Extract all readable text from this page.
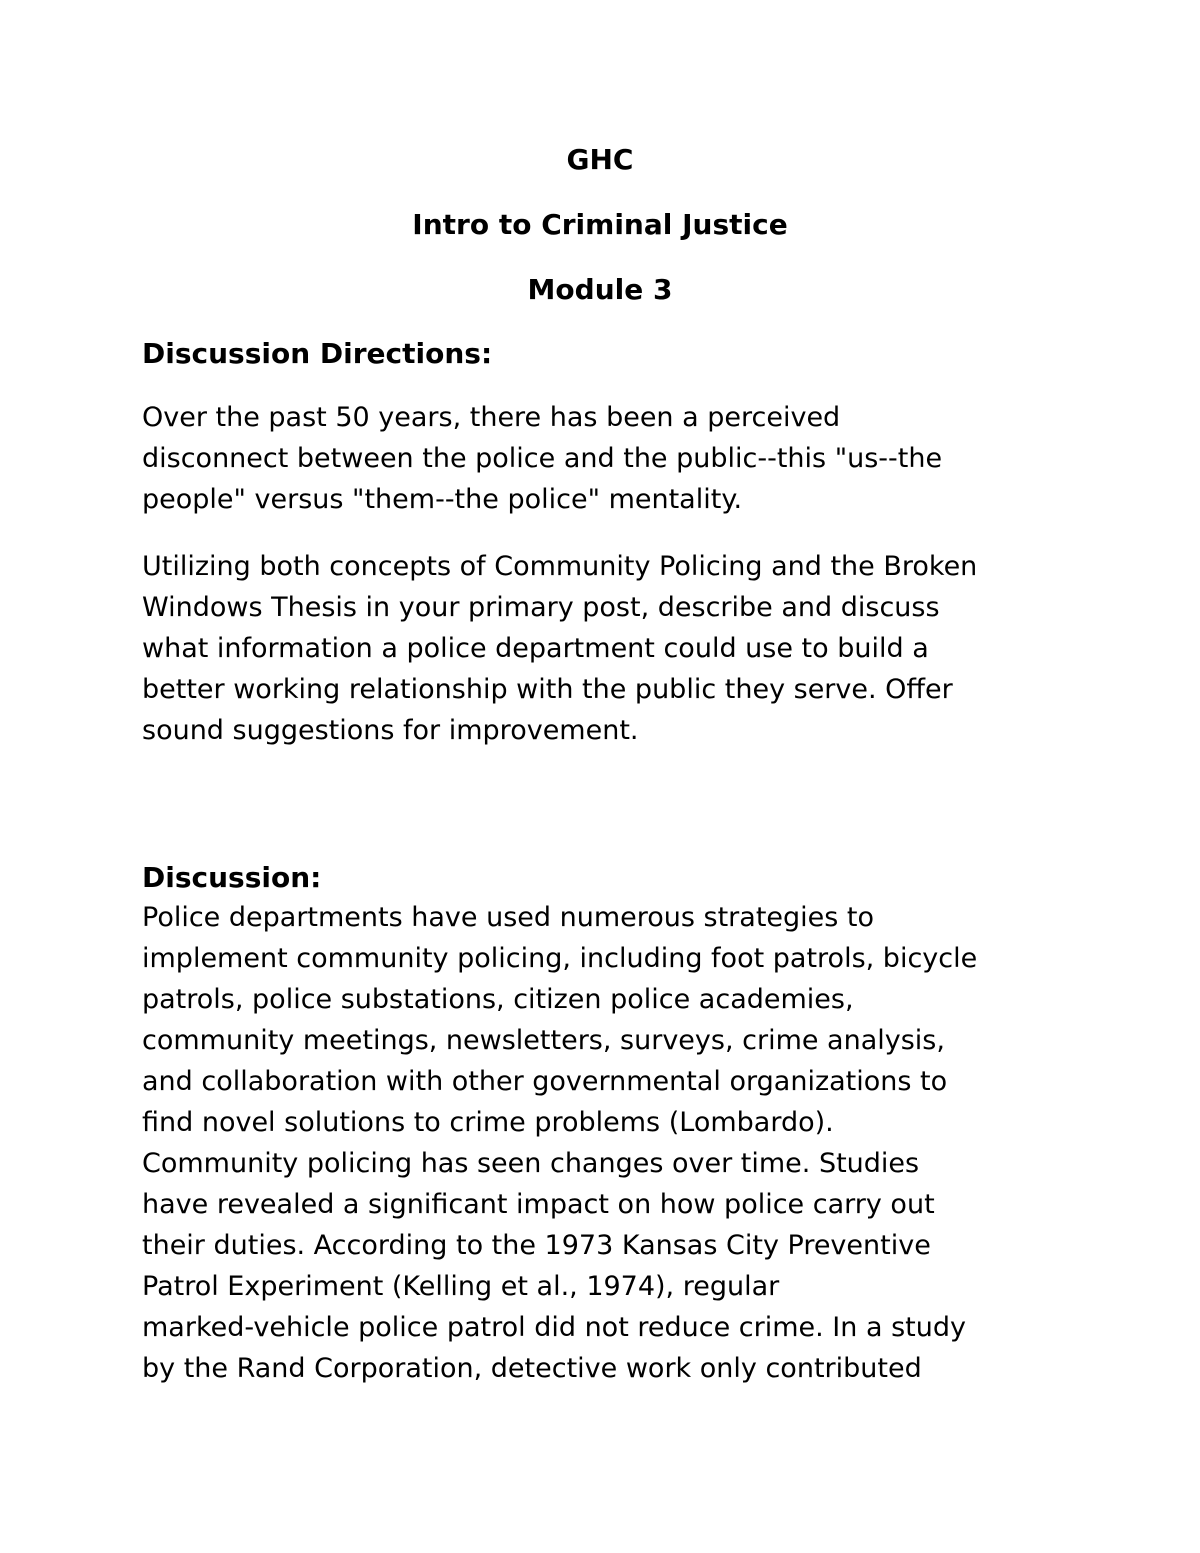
GHC
Intro to Criminal Justice
Module 3
Discussion Directions:
Over the past 50 years, there has been a perceived
disconnect between the police and the public--this "us--the
people" versus "them--the police" mentality.
Utilizing both concepts of Community Policing and the Broken
Windows Thesis in your primary post, describe and discuss
what information a police department could use to build a
better working relationship with the public they serve. Offer
sound suggestions for improvement.
Discussion:
Police departments have used numerous strategies to
implement community policing, including foot patrols, bicycle
patrols, police substations, citizen police academies,
community meetings, newsletters, surveys, crime analysis,
and collaboration with other governmental organizations to
find novel solutions to crime problems (Lombardo).
Community policing has seen changes over time. Studies
have revealed a significant impact on how police carry out
their duties. According to the 1973 Kansas City Preventive
Patrol Experiment (Kelling et al., 1974), regular
marked-vehicle police patrol did not reduce crime. In a study
by the Rand Corporation, detective work only contributed
